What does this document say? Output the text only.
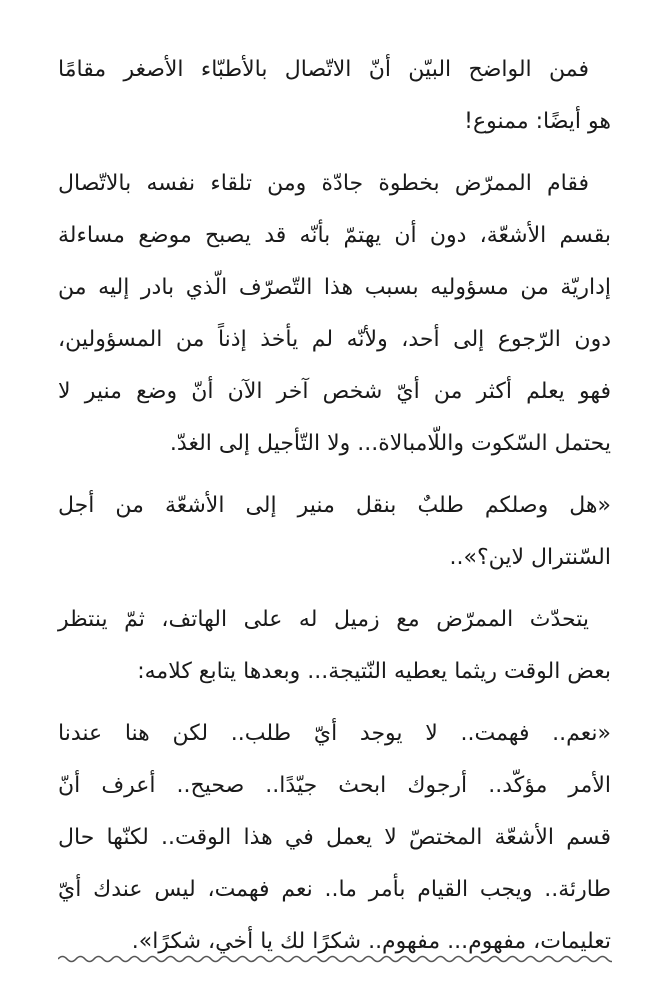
فمن الواضح البيّن أنّ الاتّصال بالأطبّاء الأصغر مقامًا
هو أيضًا: ممنوع!
فقام الممرّض بخطوة جادّة ومن تلقاء نفسه بالاتّصال
بقسم الأشعّة، دون أن يهتمّ بأنّه قد يصبح موضع مساءلة
إداريّة من مسؤوليه بسبب هذا التّصرّف الّذي بادر إليه من
دون الرّجوع إلى أحد، ولأنّه لم يأخذ إذناً من المسؤولين،
فهو يعلم أكثر من أيّ شخص آخر الآن أنّ وضع منير لا
يحتمل السّكوت واللّامبالاة... ولا التّأجيل إلى الغدّ.
«هل وصلكم طلبٌ بنقل منير إلى الأشعّة من أجل
السّنترال لاين؟»..
يتحدّث الممرّض مع زميل له على الهاتف، ثمّ ينتظر
بعض الوقت ريثما يعطيه النّتيجة... وبعدها يتابع كلامه:
«نعم.. فهمت.. لا يوجد أيّ طلب.. لكن هنا عندنا
الأمر مؤكّد.. أرجوك ابحث جيّدًا.. صحيح.. أعرف أنّ
قسم الأشعّة المختصّ لا يعمل في هذا الوقت.. لكنّها حال
طارئة.. ويجب القيام بأمر ما.. نعم فهمت، ليس عندك أيّ
تعليمات، مفهوم... مفهوم.. شكرًا لك يا أخي، شكرًا».
